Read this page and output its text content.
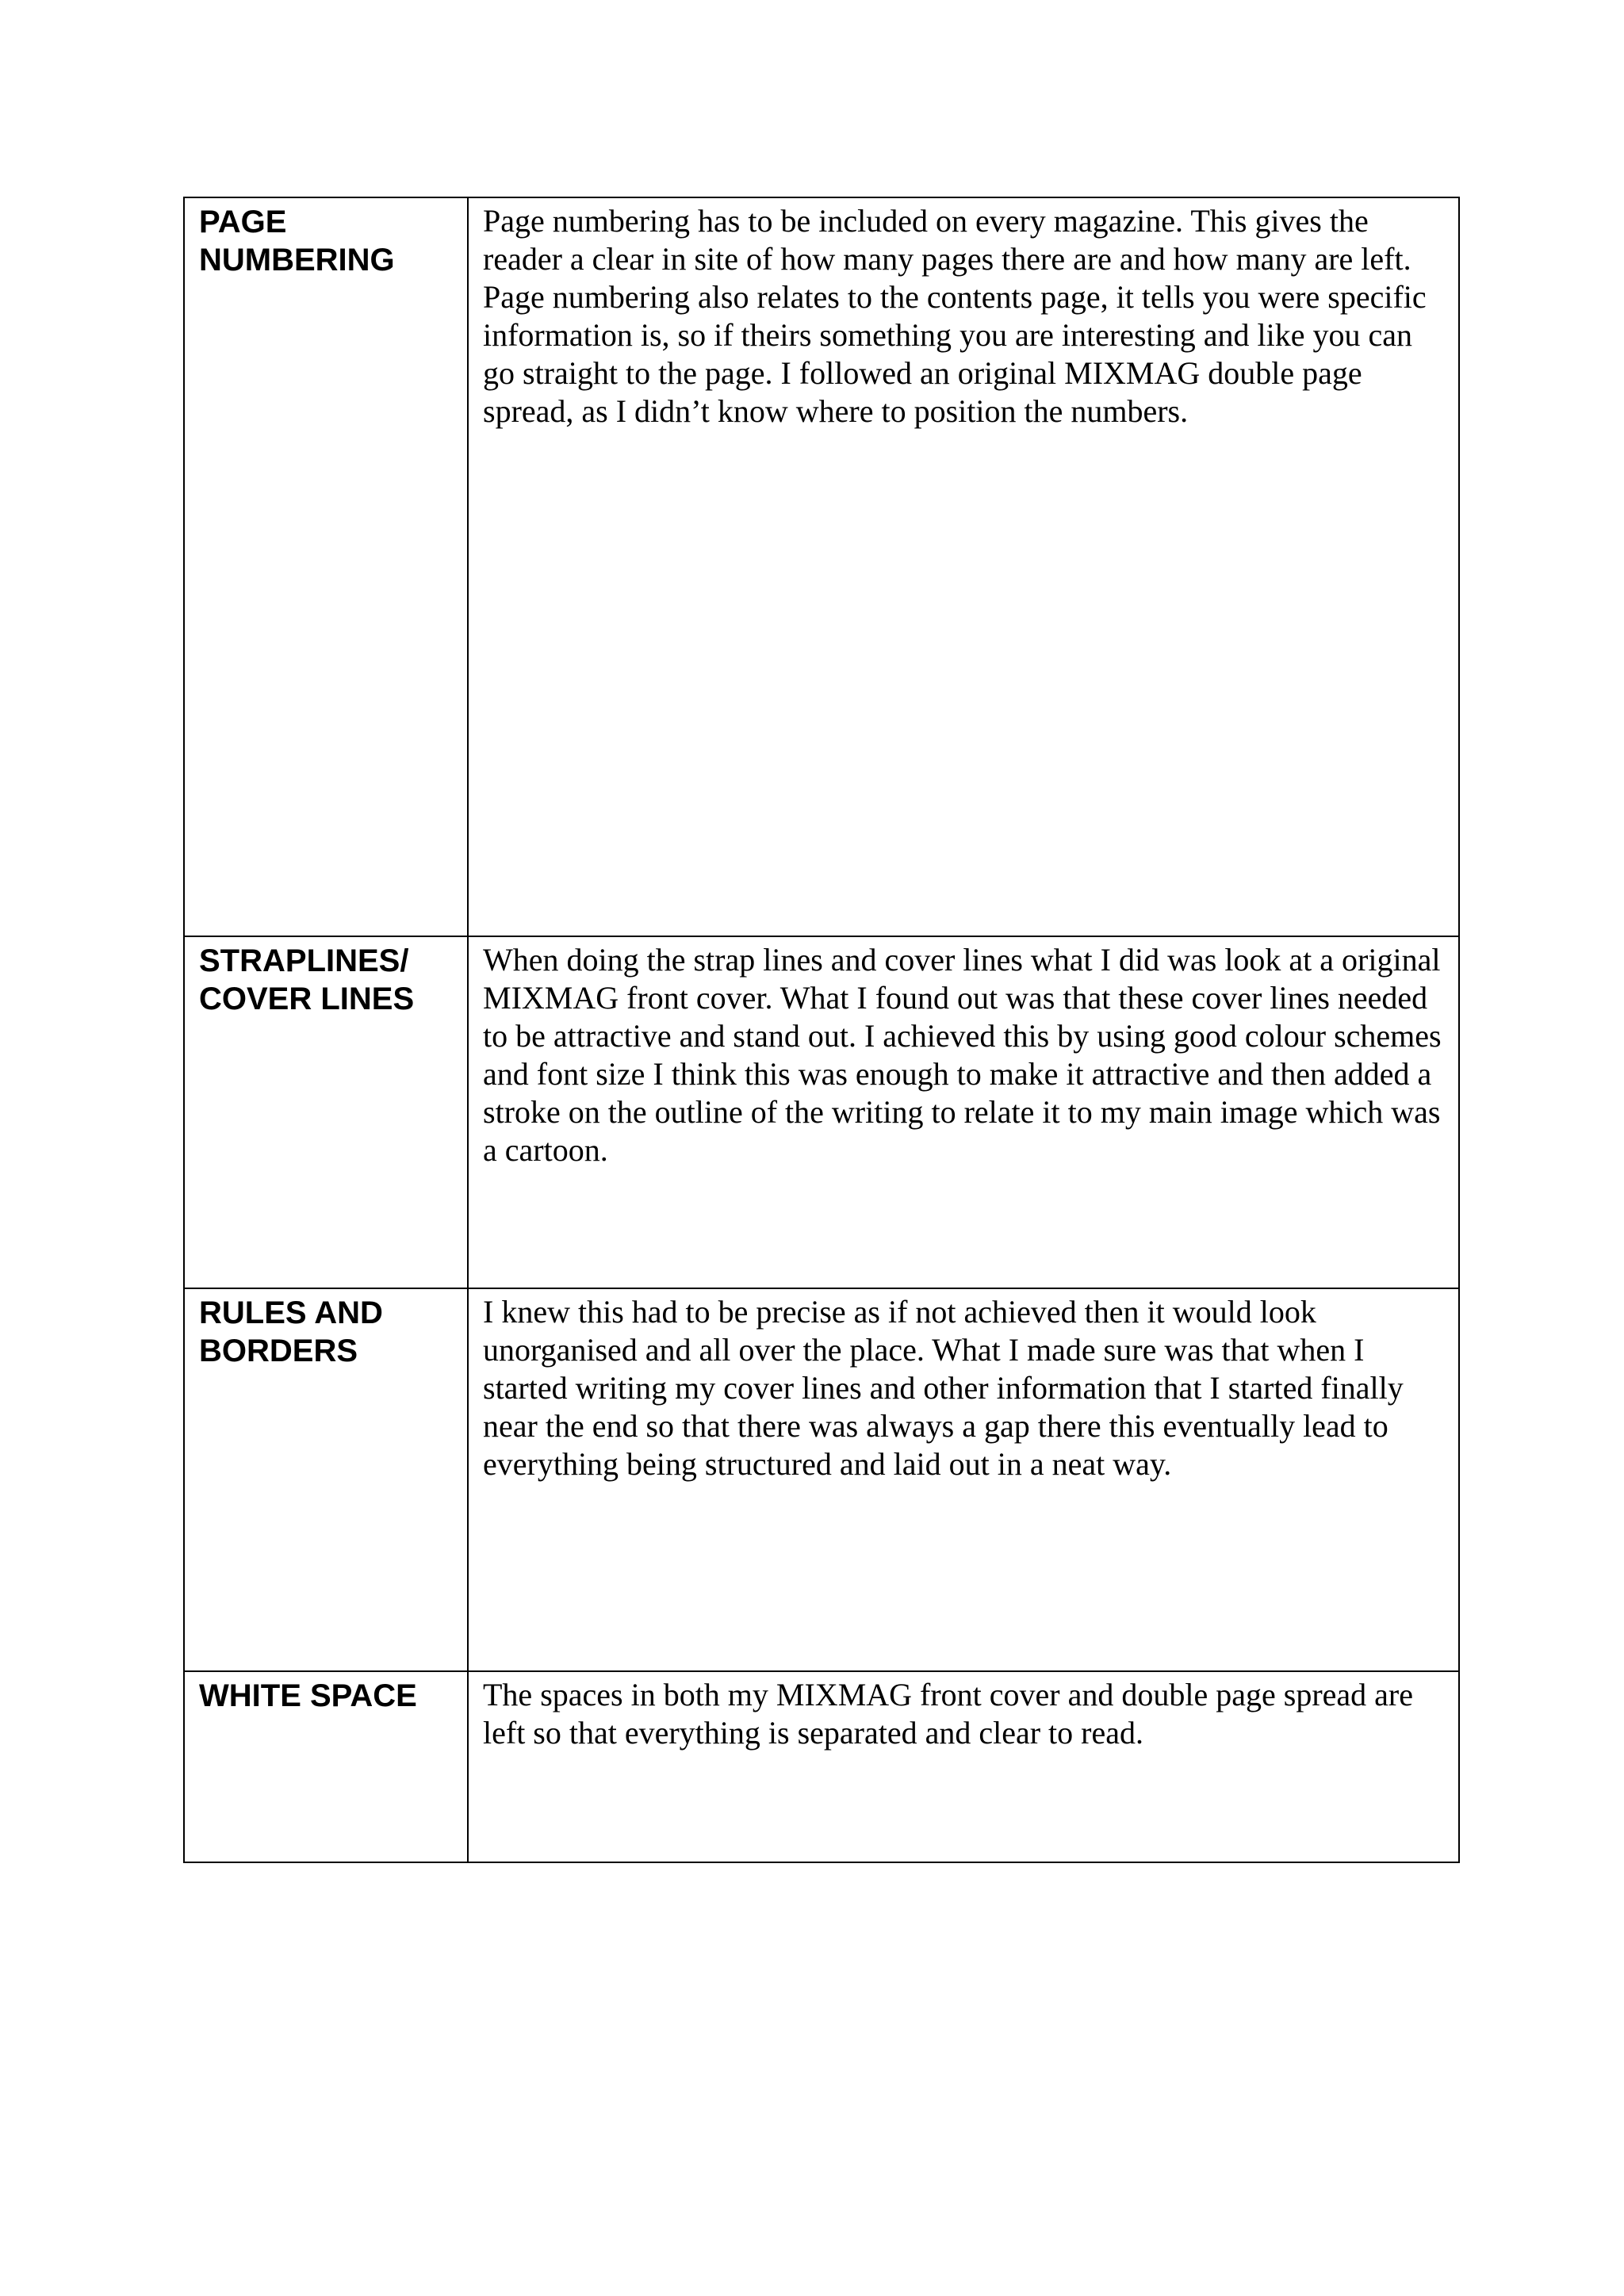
PAGE
NUMBERING	Page numbering has to be included on every magazine. This gives the reader a clear in site of how many pages there are and how many are left. Page numbering also relates to the contents page, it tells you were specific information is, so if theirs something you are interesting and like you can go straight to the page. I followed an original MIXMAG double page spread, as I didn’t know where to position the numbers.

STRAPLINES/
COVER LINES	When doing the strap lines and cover lines what I did was look at a original MIXMAG front cover. What I found out was that these cover lines needed to be attractive and stand out. I achieved this by using good colour schemes and font size I think this was enough to make it attractive and then added a stroke on the outline of the writing to relate it to my main image which was a cartoon.

RULES AND
BORDERS	I knew this had to be precise as if not achieved then it would look unorganised and all over the place. What I made sure was that when I started writing my cover lines and other information that I started finally near the end so that there was always a gap there this eventually lead to everything being structured and laid out in a neat way.

WHITE SPACE	The spaces in both my MIXMAG front cover and double page spread are left so that everything is separated and clear to read.
